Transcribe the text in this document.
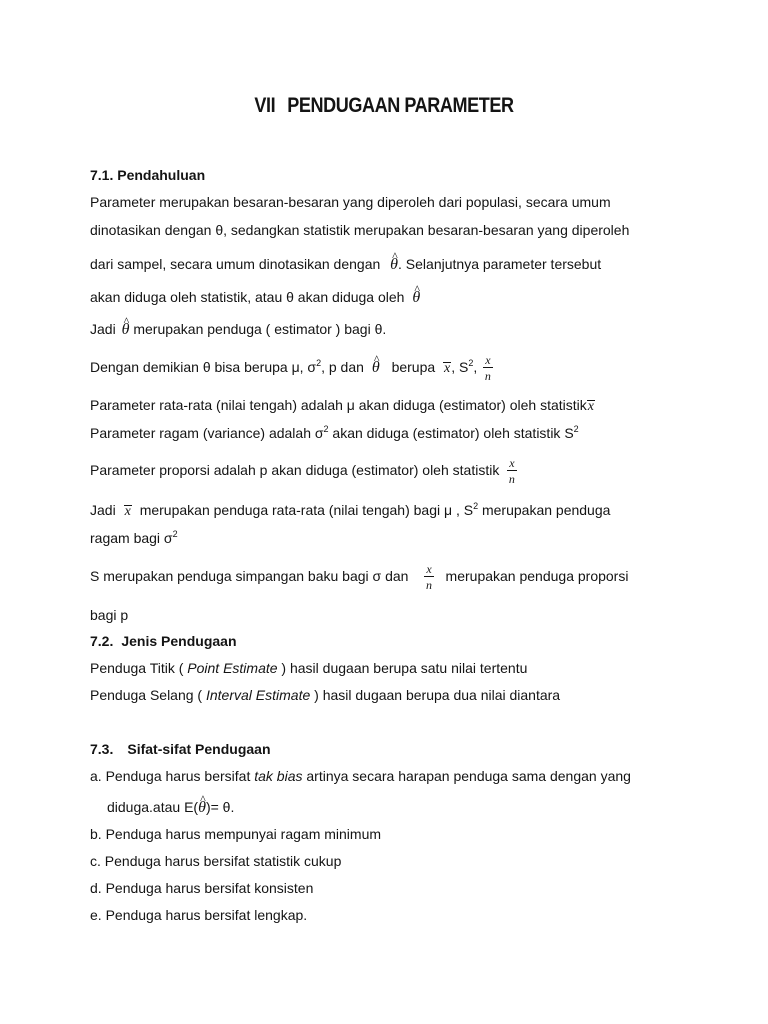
VII PENDUGAAN PARAMETER
7.1. Pendahuluan
Parameter merupakan besaran-besaran yang diperoleh dari populasi, secara umum
dinotasikan dengan θ, sedangkan statistik merupakan besaran-besaran yang diperoleh
dari sampel, secara umum dinotasikan dengan ^ θ. Selanjutnya parameter tersebut
akan diduga oleh statistik, atau θ akan diduga oleh ^ θ
Jadi ^ θ merupakan penduga ( estimator ) bagi θ.
Dengan demikian θ bisa berupa μ, $\sigma^2$, p dan ^ θ berupa x, $S^2$, $\frac{x}{n}$
Parameter rata-rata (nilai tengah) adalah μ akan diduga (estimator) oleh statistikx
Parameter ragam (variance) adalah $\sigma^2$ akan diduga (estimator) oleh statistik $S^2$
Parameter proporsi adalah p akan diduga (estimator) oleh statistik $\frac{x}{n}$
Jadi x merupakan penduga rata-rata (nilai tengah) bagi μ , $S^2$ merupakan penduga
ragam bagi $\sigma^2$
S merupakan penduga simpangan baku bagi σ dan $\frac{x}{n}$ merupakan penduga proporsi
bagi p
7.2. Jenis Pendugaan
Penduga Titik ( Point Estimate ) hasil dugaan berupa satu nilai tertentu
Penduga Selang ( Interval Estimate ) hasil dugaan berupa dua nilai diantara
7.3. Sifat-sifat Pendugaan
a. Penduga harus bersifat tak bias artinya secara harapan penduga sama dengan yang
diduga.atau E(^ θ)= θ.
b. Penduga harus mempunyai ragam minimum
c. Penduga harus bersifat statistik cukup
d. Penduga harus bersifat konsisten
e. Penduga harus bersifat lengkap.
